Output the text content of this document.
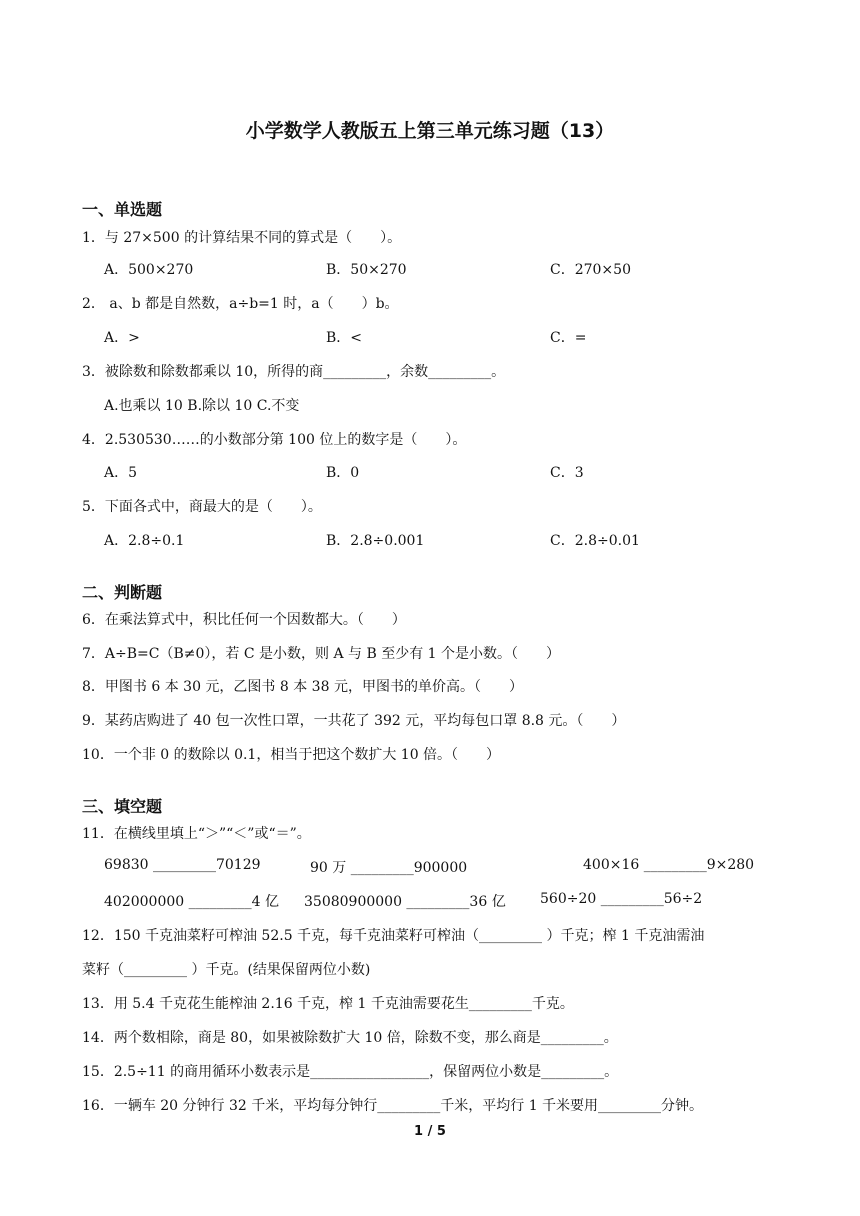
小学数学人教版五上第三单元练习题（13）
一、单选题
1．与 27×500 的计算结果不同的算式是（　　）。
A．500×270	B．50×270	C．270×50
2． a、b 都是自然数，a÷b=1 时，a（　　）b。
A．>	B．<	C．=
3．被除数和除数都乘以 10，所得的商_________，余数_________。
A.也乘以 10 B.除以 10 C.不变
4．2.530530……的小数部分第 100 位上的数字是（　　）。
A．5	B．0	C．3
5．下面各式中，商最大的是（　　）。
A．2.8÷0.1	B．2.8÷0.001	C．2.8÷0.01
二、判断题
6．在乘法算式中，积比任何一个因数都大。（　　）
7．A÷B=C（B≠0），若 C 是小数，则 A 与 B 至少有 1 个是小数。（　　）
8．甲图书 6 本 30 元，乙图书 8 本 38 元，甲图书的单价高。（　　）
9．某药店购进了 40 包一次性口罩，一共花了 392 元，平均每包口罩 8.8 元。（　　）
10．一个非 0 的数除以 0.1，相当于把这个数扩大 10 倍。（　　）
三、填空题
11．在横线里填上“＞”“＜”或“＝”。
69830 _________70129	90 万 _________900000	400×16 _________9×280
402000000 _________4 亿 35080900000 _________36 亿 560÷20 _________56÷2
12．150 千克油菜籽可榨油 52.5 千克，每千克油菜籽可榨油（_________ ）千克；榨 1 千克油需油
菜籽（_________ ）千克。(结果保留两位小数)
13．用 5.4 千克花生能榨油 2.16 千克，榨 1 千克油需要花生_________千克。
14．两个数相除，商是 80，如果被除数扩大 10 倍，除数不变，那么商是_________。
15．2.5÷11 的商用循环小数表示是_________________，保留两位小数是_________。
16．一辆车 20 分钟行 32 千米，平均每分钟行_________千米，平均行 1 千米要用_________分钟。
1 / 5
